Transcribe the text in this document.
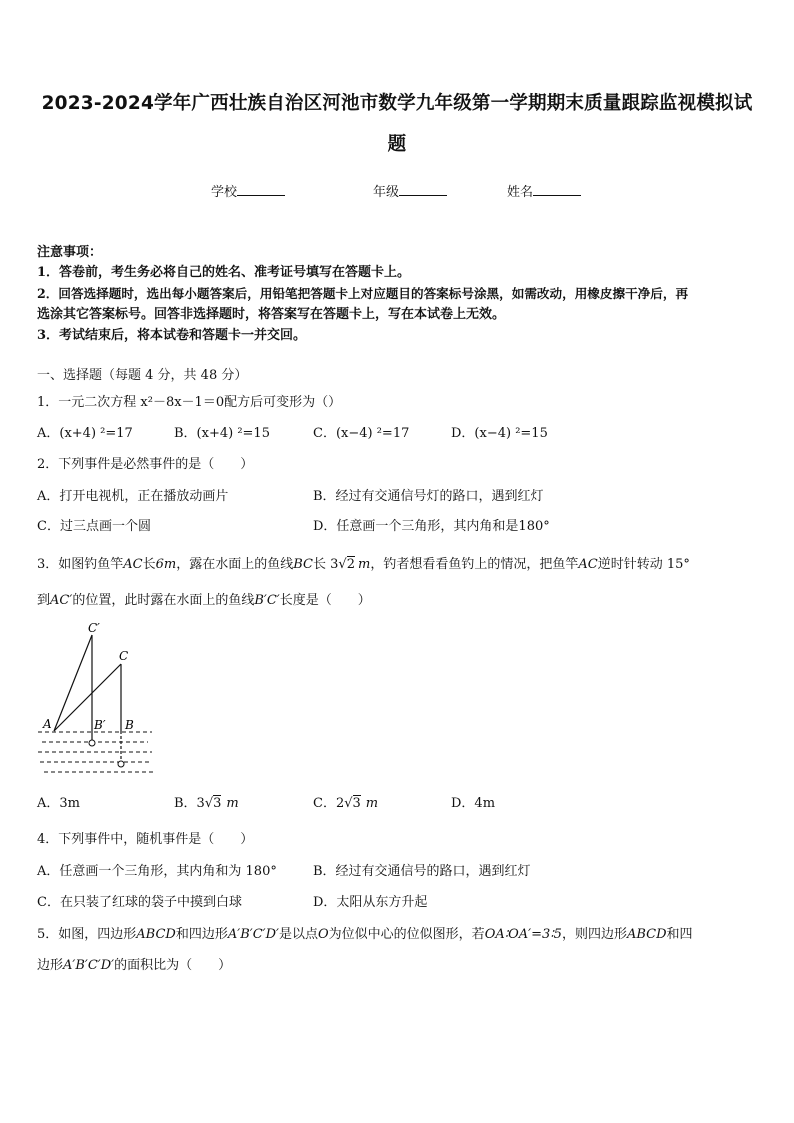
2023-2024学年广西壮族自治区河池市数学九年级第一学期期末质量跟踪监视模拟试
题
学校	年级	姓名
注意事项：
1．答卷前，考生务必将自己的姓名、准考证号填写在答题卡上。
2．回答选择题时，选出每小题答案后，用铅笔把答题卡上对应题目的答案标号涂黑，如需改动，用橡皮擦干净后，再
选涂其它答案标号。回答非选择题时，将答案写在答题卡上，写在本试卷上无效。
3．考试结束后，将本试卷和答题卡一并交回。
一、选择题（每题 4 分，共 48 分）
1．一元二次方程 x²－8x－1＝0配方后可变形为（）
A．(x+4) ²=17	B．(x+4) ²=15	C．(x−4) ²=17	D．(x−4) ²=15
2．下列事件是必然事件的是（　　）
A．打开电视机，正在播放动画片	B．经过有交通信号灯的路口，遇到红灯
C．过三点画一个圆	D．任意画一个三角形，其内角和是180°
3．如图钓鱼竿AC长6m，露在水面上的鱼线BC长 3√2 m，钓者想看看鱼钓上的情况，把鱼竿AC逆时针转动 15°
到AC′的位置，此时露在水面上的鱼线B′C′长度是（　　）
C′
C
A	B′ B
A．3m	B．3√3 m	C．2√3 m	D．4m
4．下列事件中，随机事件是（　　）
A．任意画一个三角形，其内角和为 180°	B．经过有交通信号的路口，遇到红灯
C．在只装了红球的袋子中摸到白球	D．太阳从东方升起
5．如图，四边形ABCD和四边形A′B′C′D′是以点O为位似中心的位似图形，若OA∶OA′=3∶5，则四边形ABCD和四
边形A′B′C′D′的面积比为（　　）
